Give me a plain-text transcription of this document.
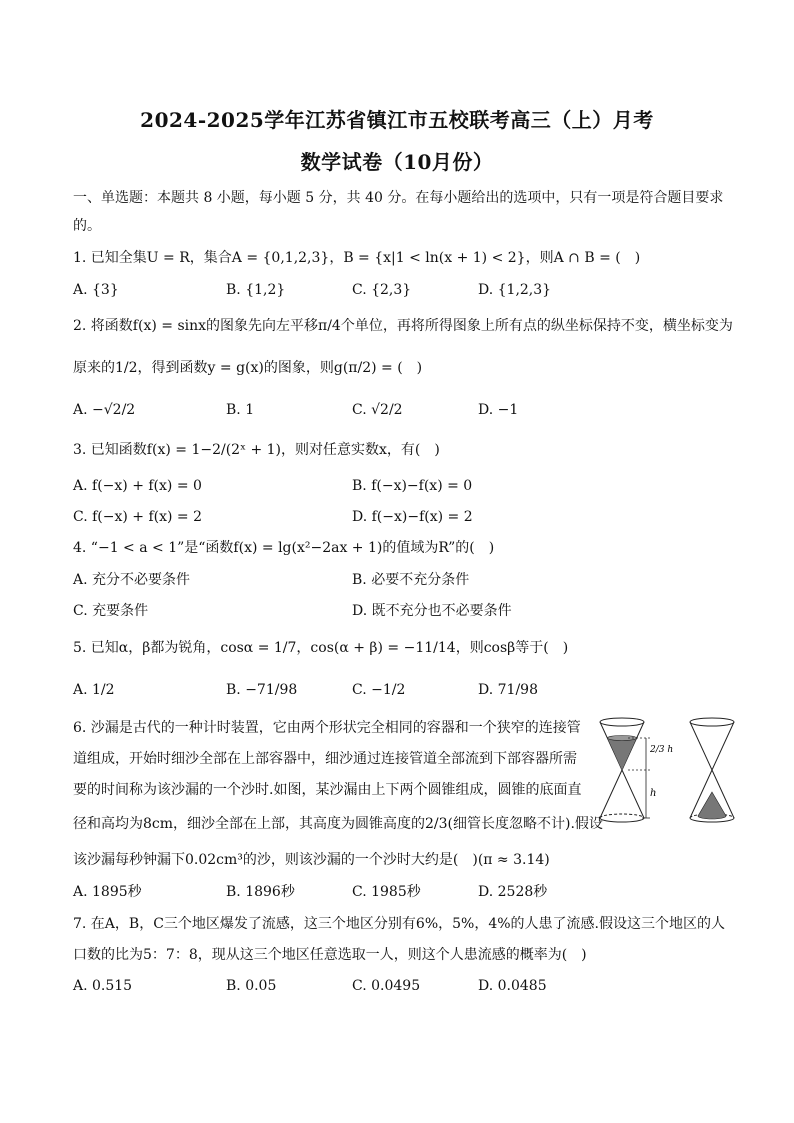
2024-2025学年江苏省镇江市五校联考高三（上）月考
数学试卷（10月份）
一、单选题：本题共 8 小题，每小题 5 分，共 40 分。在每小题给出的选项中，只有一项是符合题目要求
的。
1. 已知全集U = R，集合A = {0,1,2,3}，B = {x|1 < ln(x + 1) < 2}，则A ∩ B = (　)
A. {3}	B. {1,2}	C. {2,3}	D. {1,2,3}
2. 将函数f(x) = sinx的图象先向左平移π/4个单位，再将所得图象上所有点的纵坐标保持不变，横坐标变为
原来的1/2，得到函数y = g(x)的图象，则g(π/2) = (　)
A. −√2/2	B. 1	C. √2/2	D. −1
3. 已知函数f(x) = 1−2/(2ˣ + 1)，则对任意实数x，有(　)
A. f(−x) + f(x) = 0	B. f(−x)−f(x) = 0
C. f(−x) + f(x) = 2	D. f(−x)−f(x) = 2
4. “−1 < a < 1”是“函数f(x) = lg(x²−2ax + 1)的值域为R”的(　)
A. 充分不必要条件	B. 必要不充分条件
C. 充要条件	D. 既不充分也不必要条件
5. 已知α，β都为锐角，cosα = 1/7，cos(α + β) = −11/14，则cosβ等于(　)
A. 1/2	B. −71/98	C. −1/2	D. 71/98
6. 沙漏是古代的一种计时装置，它由两个形状完全相同的容器和一个狭窄的连接管
道组成，开始时细沙全部在上部容器中，细沙通过连接管道全部流到下部容器所需
要的时间称为该沙漏的一个沙时.如图，某沙漏由上下两个圆锥组成，圆锥的底面直
径和高均为8cm，细沙全部在上部，其高度为圆锥高度的2/3(细管长度忽略不计).假设
该沙漏每秒钟漏下0.02cm³的沙，则该沙漏的一个沙时大约是(　)(π ≈ 3.14)
A. 1895秒	B. 1896秒	C. 1985秒	D. 2528秒
2/3 h
h
7. 在A，B，C三个地区爆发了流感，这三个地区分别有6%，5%，4%的人患了流感.假设这三个地区的人
口数的比为5：7：8，现从这三个地区任意选取一人，则这个人患流感的概率为(　)
A. 0.515	B. 0.05	C. 0.0495	D. 0.0485
